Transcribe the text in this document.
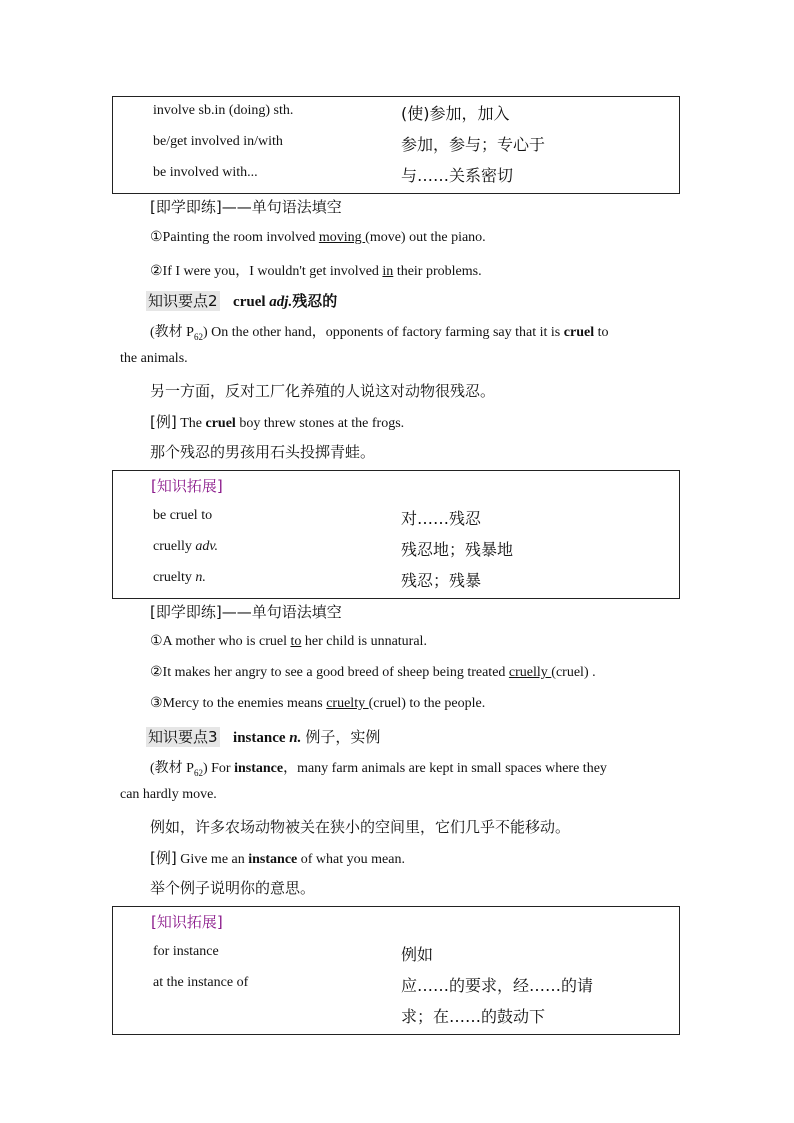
involve sb.in (doing) sth.	(使)参加，加入
be/get involved in/with	参加，参与；专心于
be involved with...	与……关系密切
[即学即练]——单句语法填空
①Painting the room involved moving (move) out the piano.
②If I were you，I wouldn't get involved in their problems.
知识要点2 cruel adj.残忍的
(教材 $P_{62}$) On the other hand，opponents of factory farming say that it is cruel to
the animals.
另一方面，反对工厂化养殖的人说这对动物很残忍。
[例] The cruel boy threw stones at the frogs.
那个残忍的男孩用石头投掷青蛙。
[知识拓展]
be cruel to	对……残忍
cruelly adv.	残忍地；残暴地
cruelty n.	残忍；残暴
[即学即练]——单句语法填空
①A mother who is cruel to her child is unnatural.
②It makes her angry to see a good breed of sheep being treated cruelly (cruel) .
③Mercy to the enemies means cruelty (cruel) to the people.
知识要点3 instance n. 例子，实例
(教材 $P_{62}$) For instance，many farm animals are kept in small spaces where they
can hardly move.
例如，许多农场动物被关在狭小的空间里，它们几乎不能移动。
[例] Give me an instance of what you mean.
举个例子说明你的意思。
[知识拓展]
for instance	例如
at the instance of	应……的要求，经……的请
求；在……的鼓动下
